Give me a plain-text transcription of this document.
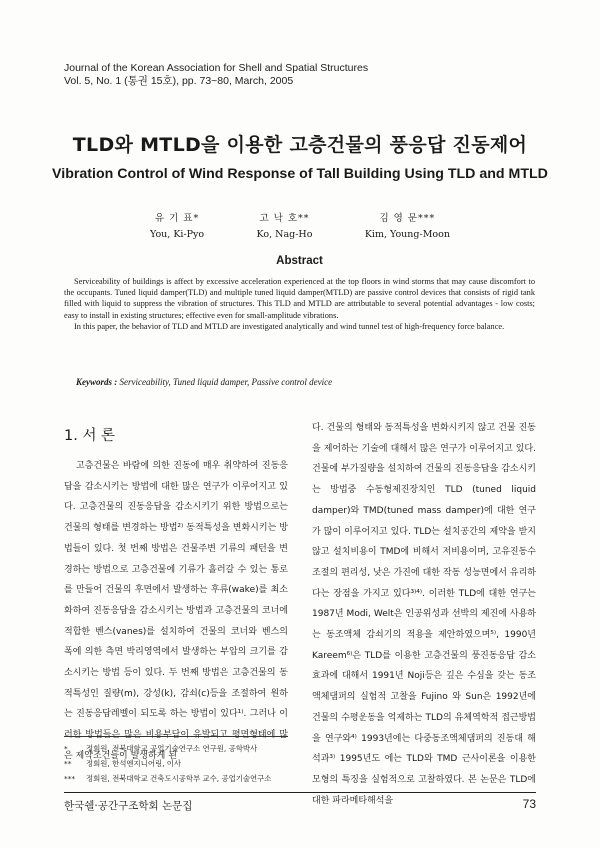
Journal of the Korean Association for Shell and Spatial Structures
Vol. 5, No. 1 (통권 15호), pp. 73~80, March, 2005
TLD와 MTLD을 이용한 고층건물의 풍응답 진동제어
Vibration Control of Wind Response of Tall Building Using TLD and MTLD
유 기 표*
You, Ki-Pyo
고 낙 호**
Ko, Nag-Ho
김 영 문***
Kim, Young-Moon
Abstract

Serviceability of buildings is affect by excessive acceleration experienced at the top floors in wind storms that may cause discomfort to the occupants. Tuned liquid damper(TLD) and multiple tuned liquid damper(MTLD) are passive control devices that consists of rigid tank filled with liquid to suppress the vibration of structures. This TLD and MTLD are attributable to several potential advantages - low costs; easy to install in existing structures; effective even for small-amplitude vibrations.

In this paper, the behavior of TLD and MTLD are investigated analytically and wind tunnel test of high-frequency force balance.

Keywords : Serviceability, Tuned liquid damper, Passive control device
1. 서 론

고층건물은 바람에 의한 진동에 매우 취약하여 진동응답을 감소시키는 방법에 대한 많은 연구가 이루어지고 있다. 고층건물의 진동응답을 감소시키기 위한 방법으로는 건물의 형태를 변경하는 방법²⁾ 동적특성을 변화시키는 방법들이 있다. 첫 번째 방법은 건물주변 기류의 패턴을 변경하는 방법으로 고층건물에 기류가 흘러갈 수 있는 통로를 만들어 건물의 후면에서 발생하는 후류(wake)를 최소화하여 진동응답을 감소시키는 방법과 고층건물의 코너에 적합한 벤스(vanes)를 설치하여 건물의 코너와 벤스의 폭에 의한 측면 박리영역에서 발생하는 부압의 크기를 감소시키는 방법 등이 있다. 두 번째 방법은 고층건물의 동적특성인 질량(m), 강성(k), 감쇠(c)등을 조절하여 원하는 진동응답레벨이 되도록 하는 방법이 있다¹⁾. 그러나 이러한 방법들은 많은 비용부담이 유발되고 평면형태에 많은 제약조건들이 발생하게 된

다. 건물의 형태와 동적특성을 변화시키지 않고 건물 진동을 제어하는 기술에 대해서 많은 연구가 이루어지고 있다. 건물에 부가질량을 설치하여 건물의 진동응답을 감소시키는 방법중 수동형제진장치인 TLD (tuned liquid damper)와 TMD(tuned mass damper)에 대한 연구가 많이 이루어지고 있다. TLD는 설치공간의 제약을 받지 않고 설치비용이 TMD에 비해서 저비용이며, 고유진동수 조절의 편리성, 낮은 가진에 대한 작동 성능면에서 유리하다는 장점을 가지고 있다³⁾⁴⁾. 이러한 TLD에 대한 연구는 1987년 Modi, Welt은 인공위성과 선박의 제진에 사용하는 동조액체 감쇠기의 적용을 제안하였으며⁵⁾, 1990년 Kareem⁶⁾은 TLD를 이용한 고층건물의 풍진동응답 감소 효과에 대해서 1991년 Noji등은 깊은 수심을 갖는 동조액체댐퍼의 실험적 고찰을 Fujino 와 Sun은 1992년에 건물의 수평운동을 억제하는 TLD의 유체역학적 접근방법을 연구와⁴⁾ 1993년에는 다중동조액체댐퍼의 진동대 해석과³⁾ 1995년도 에는 TLD와 TMD 근사이론을 이용한 모형의 특징을 실험적으로 고찰하였다. 본 논문은 TLD에 대한 파라메타해석을

*	정회원, 전북대학교 공업기술연구소 연구원, 공학박사
**	정회원, 한석엔지니어링, 이사
***	정회원, 전북대학교 건축도시공학부 교수, 공업기술연구소
한국쉘·공간구조학회 논문집	73
